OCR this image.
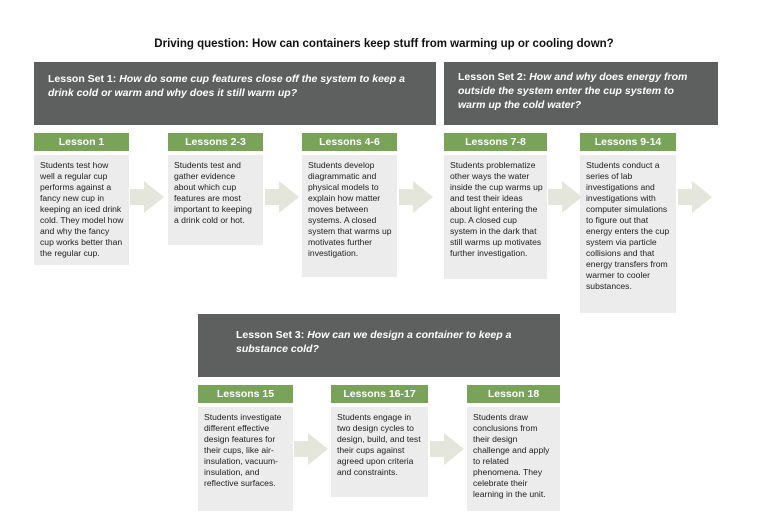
Driving question: How can containers keep stuff from warming up or cooling down?
Lesson Set 1: How do some cup features close off the system to keep a drink cold or warm and why does it still warm up?
Lesson Set 2: How and why does energy from outside the system enter the cup system to warm up the cold water?
Lesson Set 3: How can we design a container to keep a substance cold?
Lesson 1
Students test how well a regular cup performs against a fancy new cup in keeping an iced drink cold. They model how and why the fancy cup works better than the regular cup.
Lessons 2-3
Students test and gather evidence about which cup features are most important to keeping a drink cold or hot.
Lessons 4-6
Students develop diagrammatic and physical models to explain how matter moves between systems. A closed system that warms up motivates further investigation.
Lessons 7-8
Students problematize other ways the water inside the cup warms up and test their ideas about light entering the cup. A closed cup system in the dark that still warms up motivates further investigation.
Lessons 9-14
Students conduct a series of lab investigations and investigations with computer simulations to figure out that energy enters the cup system via particle collisions and that energy transfers from warmer to cooler substances.
Lessons 15
Students investigate different effective design features for their cups, like air-insulation, vacuum-insulation, and reflective surfaces.
Lessons 16-17
Students engage in two design cycles to design, build, and test their cups against agreed upon criteria and constraints.
Lesson 18
Students draw conclusions from their design challenge and apply to related phenomena. They celebrate their learning in the unit.
